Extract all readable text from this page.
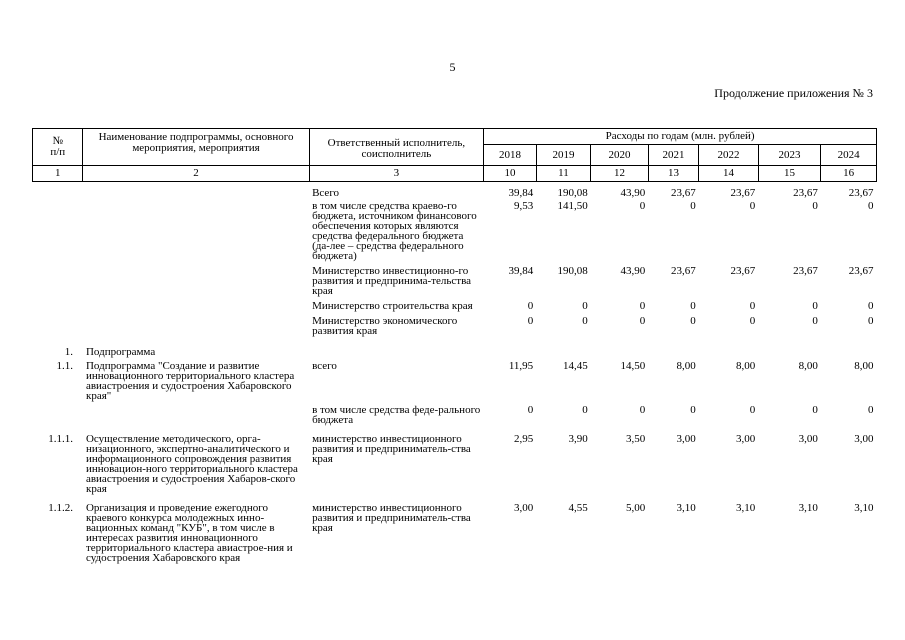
5
Продолжение приложения № 3
№
п/п	Наименование подпрограммы, основного мероприятия, мероприятия	Ответственный исполнитель, соисполнитель	Расходы по годам (млн. рублей)						
			2018	2019	2020	2021	2022	2023	2024
1	2	3	10	11	12	13	14	15	16
		Всего	39,84	190,08	43,90	23,67	23,67	23,67	23,67
		в том числе средства краево-го бюджета, источником финансового обеспечения которых являются средства федерального бюджета (да-лее – средства федерального бюджета)	9,53	141,50	0	0	0	0	0
		Министерство инвестиционно-го развития и предпринима-тельства края	39,84	190,08	43,90	23,67	23,67	23,67	23,67
		Министерство строительства края	0	0	0	0	0	0	0
		Министерство экономического развития края	0	0	0	0	0	0	0
1.	Подпрограмма								
1.1.	Подпрограмма "Создание и развитие инновационного территориального кластера авиастроения и судостроения Хабаровского края"	всего	11,95	14,45	14,50	8,00	8,00	8,00	8,00
		в том числе средства феде-рального бюджета	0	0	0	0	0	0	0
1.1.1.	Осуществление методического, орга-низационного, экспертно-аналитического и информационного сопровождения развития инновацион-ного территориального кластера авиастроения и судостроения Хабаров-ского края	министерство инвестиционного развития и предприниматель-ства края	2,95	3,90	3,50	3,00	3,00	3,00	3,00
1.1.2.	Организация и проведение ежегодного краевого конкурса молодежных инно-вационных команд "КУБ", в том числе в интересах развития инновационного территориального кластера авиастрое-ния и судостроения Хабаровского края	министерство инвестиционного развития и предприниматель-ства края	3,00	4,55	5,00	3,10	3,10	3,10	3,10
